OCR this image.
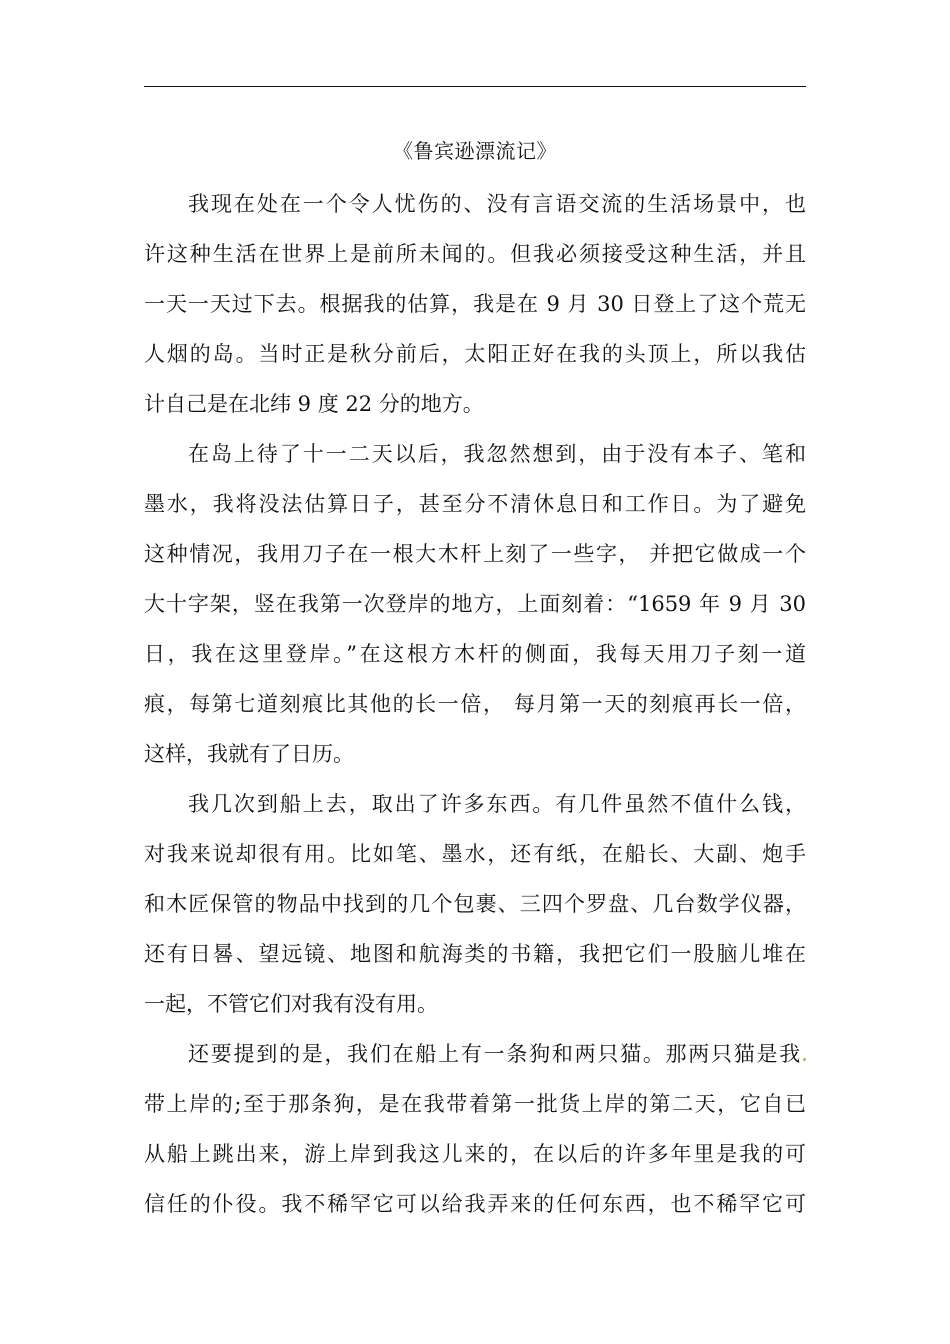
《鲁宾逊漂流记》
我现在处在一个令人忧伤的、没有言语交流的生活场景中，也
许这种生活在世界上是前所未闻的。但我必须接受这种生活，并且
一天一天过下去。根据我的估算，我是在 9 月 30 日登上了这个荒无
人烟的岛。当时正是秋分前后，太阳正好在我的头顶上，所以我估
计自己是在北纬 9 度 22 分的地方。
在岛上待了十一二天以后，我忽然想到，由于没有本子、笔和
墨水，我将没法估算日子，甚至分不清休息日和工作日。为了避免
这种情况，我用刀子在一根大木杆上刻了一些字， 并把它做成一个
大十字架，竖在我第一次登岸的地方，上面刻着：“1659 年 9 月 30
日，我在这里登岸。”在这根方木杆的侧面，我每天用刀子刻一道
痕，每第七道刻痕比其他的长一倍， 每月第一天的刻痕再长一倍，
这样，我就有了日历。
我几次到船上去，取出了许多东西。有几件虽然不值什么钱，
对我来说却很有用。比如笔、墨水，还有纸，在船长、大副、炮手
和木匠保管的物品中找到的几个包裹、三四个罗盘、几台数学仪器，
还有日晷、望远镜、地图和航海类的书籍，我把它们一股脑儿堆在
一起，不管它们对我有没有用。
还要提到的是，我们在船上有一条狗和两只猫。那两只猫是我
带上岸的;至于那条狗，是在我带着第一批货上岸的第二天，它自已
从船上跳出来，游上岸到我这儿来的，在以后的许多年里是我的可
信任的仆役。我不稀罕它可以给我弄来的任何东西，也不稀罕它可
